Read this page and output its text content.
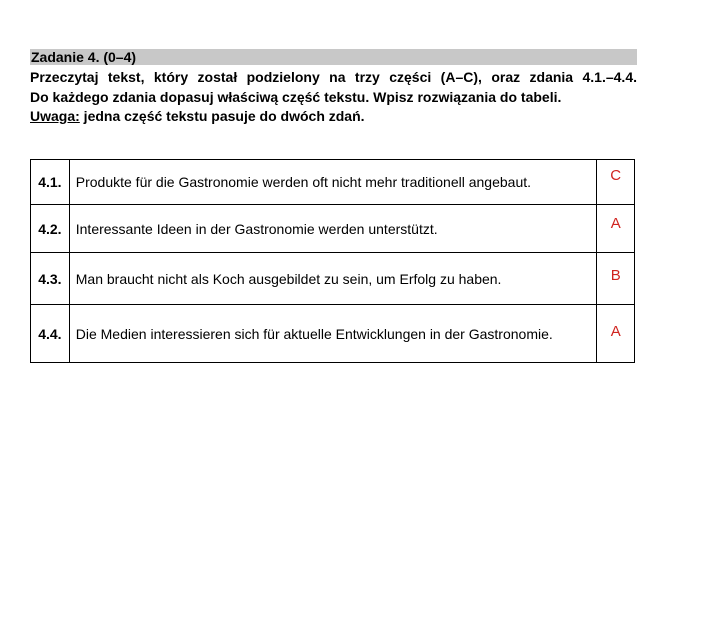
Zadanie 4. (0–4)
Przeczytaj tekst, który został podzielony na trzy części (A–C), oraz zdania 4.1.–4.4.
Do każdego zdania dopasuj właściwą część tekstu. Wpisz rozwiązania do tabeli.
Uwaga: jedna część tekstu pasuje do dwóch zdań.
4.1.	Produkte für die Gastronomie werden oft nicht mehr traditionell angebaut.	C
4.2.	Interessante Ideen in der Gastronomie werden unterstützt.	A
4.3.	Man braucht nicht als Koch ausgebildet zu sein, um Erfolg zu haben.	B
4.4.	Die Medien interessieren sich für aktuelle Entwicklungen in der Gastronomie.	A
